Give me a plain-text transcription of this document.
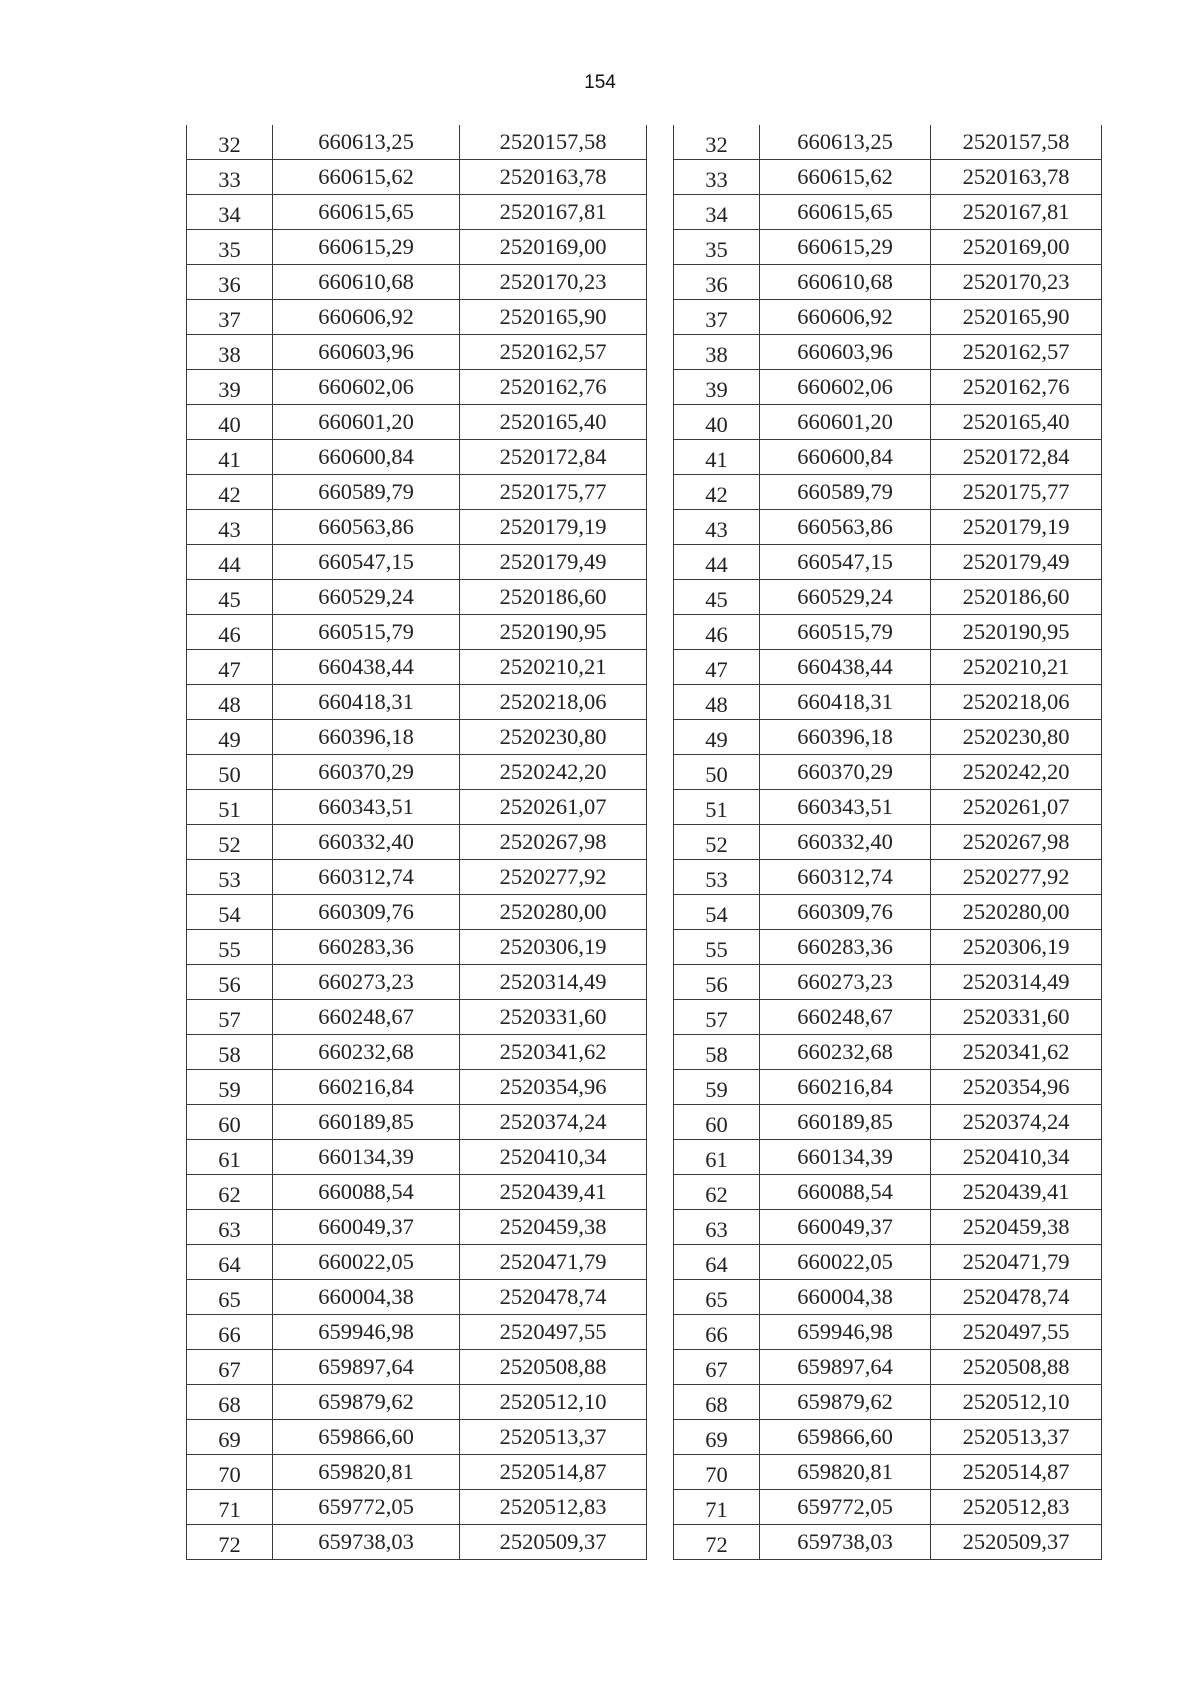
154
32	660613,25	2520157,58
33	660615,62	2520163,78
34	660615,65	2520167,81
35	660615,29	2520169,00
36	660610,68	2520170,23
37	660606,92	2520165,90
38	660603,96	2520162,57
39	660602,06	2520162,76
40	660601,20	2520165,40
41	660600,84	2520172,84
42	660589,79	2520175,77
43	660563,86	2520179,19
44	660547,15	2520179,49
45	660529,24	2520186,60
46	660515,79	2520190,95
47	660438,44	2520210,21
48	660418,31	2520218,06
49	660396,18	2520230,80
50	660370,29	2520242,20
51	660343,51	2520261,07
52	660332,40	2520267,98
53	660312,74	2520277,92
54	660309,76	2520280,00
55	660283,36	2520306,19
56	660273,23	2520314,49
57	660248,67	2520331,60
58	660232,68	2520341,62
59	660216,84	2520354,96
60	660189,85	2520374,24
61	660134,39	2520410,34
62	660088,54	2520439,41
63	660049,37	2520459,38
64	660022,05	2520471,79
65	660004,38	2520478,74
66	659946,98	2520497,55
67	659897,64	2520508,88
68	659879,62	2520512,10
69	659866,60	2520513,37
70	659820,81	2520514,87
71	659772,05	2520512,83
72	659738,03	2520509,37
32	660613,25	2520157,58
33	660615,62	2520163,78
34	660615,65	2520167,81
35	660615,29	2520169,00
36	660610,68	2520170,23
37	660606,92	2520165,90
38	660603,96	2520162,57
39	660602,06	2520162,76
40	660601,20	2520165,40
41	660600,84	2520172,84
42	660589,79	2520175,77
43	660563,86	2520179,19
44	660547,15	2520179,49
45	660529,24	2520186,60
46	660515,79	2520190,95
47	660438,44	2520210,21
48	660418,31	2520218,06
49	660396,18	2520230,80
50	660370,29	2520242,20
51	660343,51	2520261,07
52	660332,40	2520267,98
53	660312,74	2520277,92
54	660309,76	2520280,00
55	660283,36	2520306,19
56	660273,23	2520314,49
57	660248,67	2520331,60
58	660232,68	2520341,62
59	660216,84	2520354,96
60	660189,85	2520374,24
61	660134,39	2520410,34
62	660088,54	2520439,41
63	660049,37	2520459,38
64	660022,05	2520471,79
65	660004,38	2520478,74
66	659946,98	2520497,55
67	659897,64	2520508,88
68	659879,62	2520512,10
69	659866,60	2520513,37
70	659820,81	2520514,87
71	659772,05	2520512,83
72	659738,03	2520509,37
